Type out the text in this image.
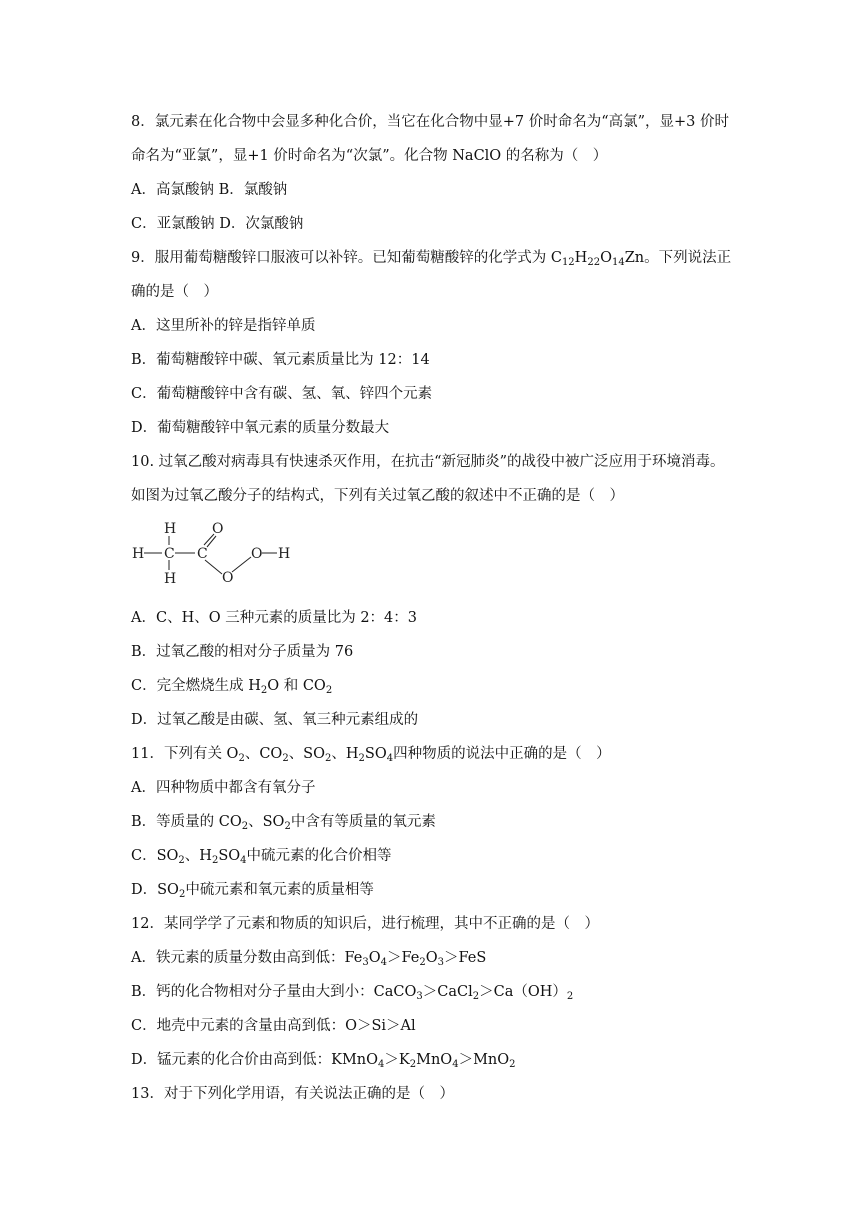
8．氯元素在化合物中会显多种化合价，当它在化合物中显+7 价时命名为“高氯”，显+3 价时
命名为“亚氯”，显+1 价时命名为“次氯”。化合物 NaClO 的名称为（　）
A．高氯酸钠 B．氯酸钠
C．亚氯酸钠 D．次氯酸钠
9．服用葡萄糖酸锌口服液可以补锌。已知葡萄糖酸锌的化学式为 $C_{12}H_{22}O_{14}Zn$。下列说法正
确的是（　）
A．这里所补的锌是指锌单质
B．葡萄糖酸锌中碳、氧元素质量比为 12：14
C．葡萄糖酸锌中含有碳、氢、氧、锌四个元素
D．葡萄糖酸锌中氧元素的质量分数最大
10. 过氧乙酸对病毒具有快速杀灭作用，在抗击“新冠肺炎”的战役中被广泛应用于环境消毒。
如图为过氧乙酸分子的结构式，下列有关过氧乙酸的叙述中不正确的是（　）
H
H
H
C C
O
O
O H
A．C、H、O 三种元素的质量比为 2：4：3
B．过氧乙酸的相对分子质量为 76
C．完全燃烧生成 $H_2O$ 和 $CO_2$
D．过氧乙酸是由碳、氢、氧三种元素组成的
11．下列有关 $O_2$、$CO_2$、$SO_2$、$H_2SO_4$四种物质的说法中正确的是（　）
A．四种物质中都含有氧分子
B．等质量的 $CO_2$、$SO_2$中含有等质量的氧元素
C．$SO_2$、$H_2SO_4$中硫元素的化合价相等
D．$SO_2$中硫元素和氧元素的质量相等
12．某同学学了元素和物质的知识后，进行梳理，其中不正确的是（　）
A．铁元素的质量分数由高到低：$Fe_3O_4>Fe_2O_3>FeS$
B．钙的化合物相对分子量由大到小：$CaCO_3>CaCl_2>Ca(OH)_2$
C．地壳中元素的含量由高到低：O＞Si＞Al
D．锰元素的化合价由高到低：$KMnO_4>K_2MnO_4>MnO_2$
13．对于下列化学用语，有关说法正确的是（　）
